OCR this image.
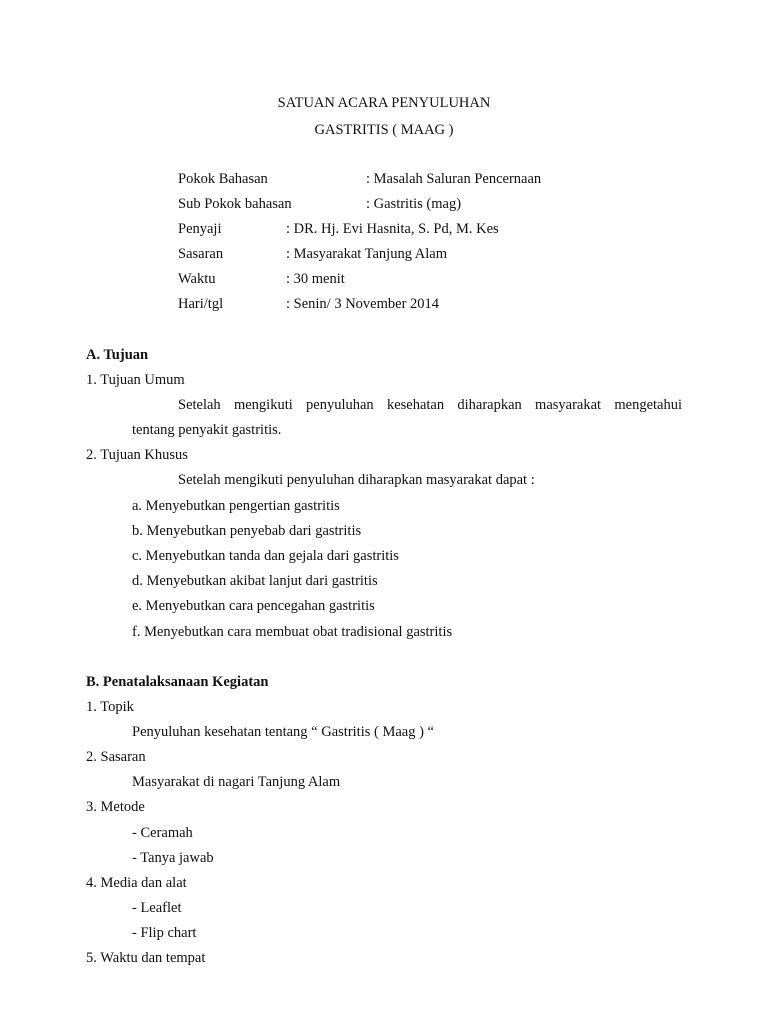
SATUAN ACARA PENYULUHAN
GASTRITIS ( MAAG )
Pokok Bahasan	: Masalah Saluran Pencernaan
Sub Pokok bahasan	: Gastritis (mag)
Penyaji	: DR. Hj. Evi Hasnita, S. Pd, M. Kes
Sasaran	: Masyarakat Tanjung Alam
Waktu	: 30 menit
Hari/tgl	: Senin/ 3 November 2014
A. Tujuan
1. Tujuan Umum
Setelah mengikuti penyuluhan kesehatan diharapkan masyarakat mengetahui
tentang penyakit gastritis.
2. Tujuan Khusus
Setelah mengikuti penyuluhan diharapkan masyarakat dapat :
a. Menyebutkan pengertian gastritis
b. Menyebutkan penyebab dari gastritis
c. Menyebutkan tanda dan gejala dari gastritis
d. Menyebutkan akibat lanjut dari gastritis
e. Menyebutkan cara pencegahan gastritis
f. Menyebutkan cara membuat obat tradisional gastritis
B. Penatalaksanaan Kegiatan
1. Topik
Penyuluhan kesehatan tentang “ Gastritis ( Maag ) “
2. Sasaran
Masyarakat di nagari Tanjung Alam
3. Metode
- Ceramah
- Tanya jawab
4. Media dan alat
- Leaflet
- Flip chart
5. Waktu dan tempat
